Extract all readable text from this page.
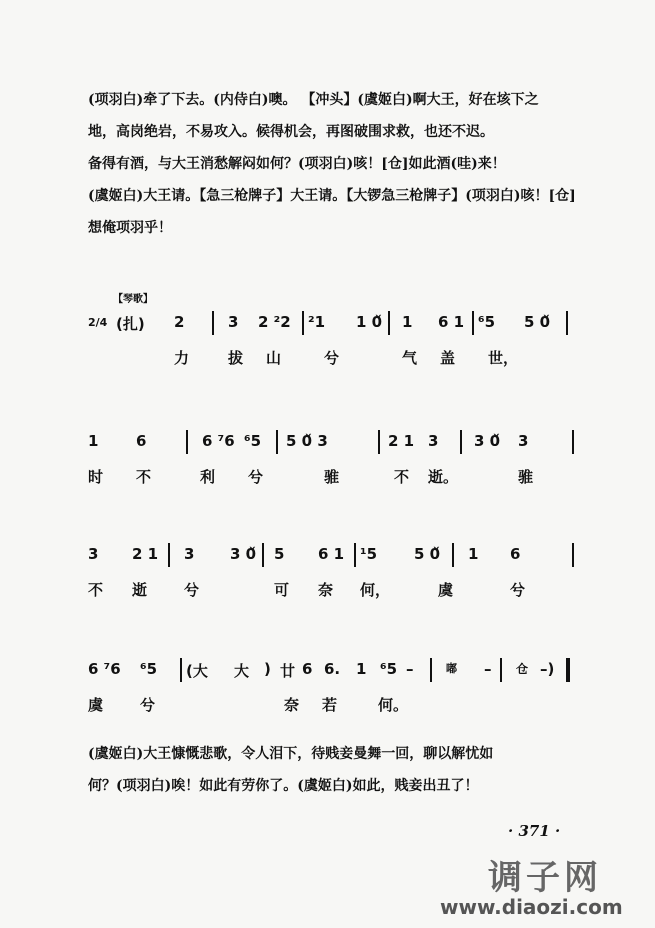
(项羽白)牵了下去。(内侍白)噢。 【冲头】(虞姬白)啊大王，好在垓下之
地，高岗绝岩，不易攻入。候得机会，再图破围求救，也还不迟。
备得有酒，与大王消愁解闷如何？(项羽白)咳！[仓]如此酒(哇)来！
(虞姬白)大王请。【急三枪牌子】大王请。【大锣急三枪牌子】(项羽白)咳！[仓]
想俺项羽乎！
【琴歌】
2/4 (扎) 2	3 2 ²2 ²1 1 0̌ 1 6 1 ⁶5 5 0̌
力	拔 山	兮	气 盖 世，
1	6	6 ⁷6 ⁶5 5 0̌ 3	2 1 3 3 0̌ 3
时 不	利 兮	骓	不 逝。	骓
3 2 1 3 3 0̌ 5 6 1 ¹5 5 0̌ 1 6
不 逝 兮	可 奈 何，	虞	兮
6 ⁷6 ⁶5 (大 大 ) 廿 6 6. 1 ⁶5 –	嘟 – 仓 –)
虞 兮	奈 若	何。
(虞姬白)大王慷慨悲歌，令人泪下，待贱妾曼舞一回，聊以解忧如
何？(项羽白)唉！如此有劳你了。(虞姬白)如此，贱妾出丑了！
· 371 ·
调子网
www.diaozi.com
